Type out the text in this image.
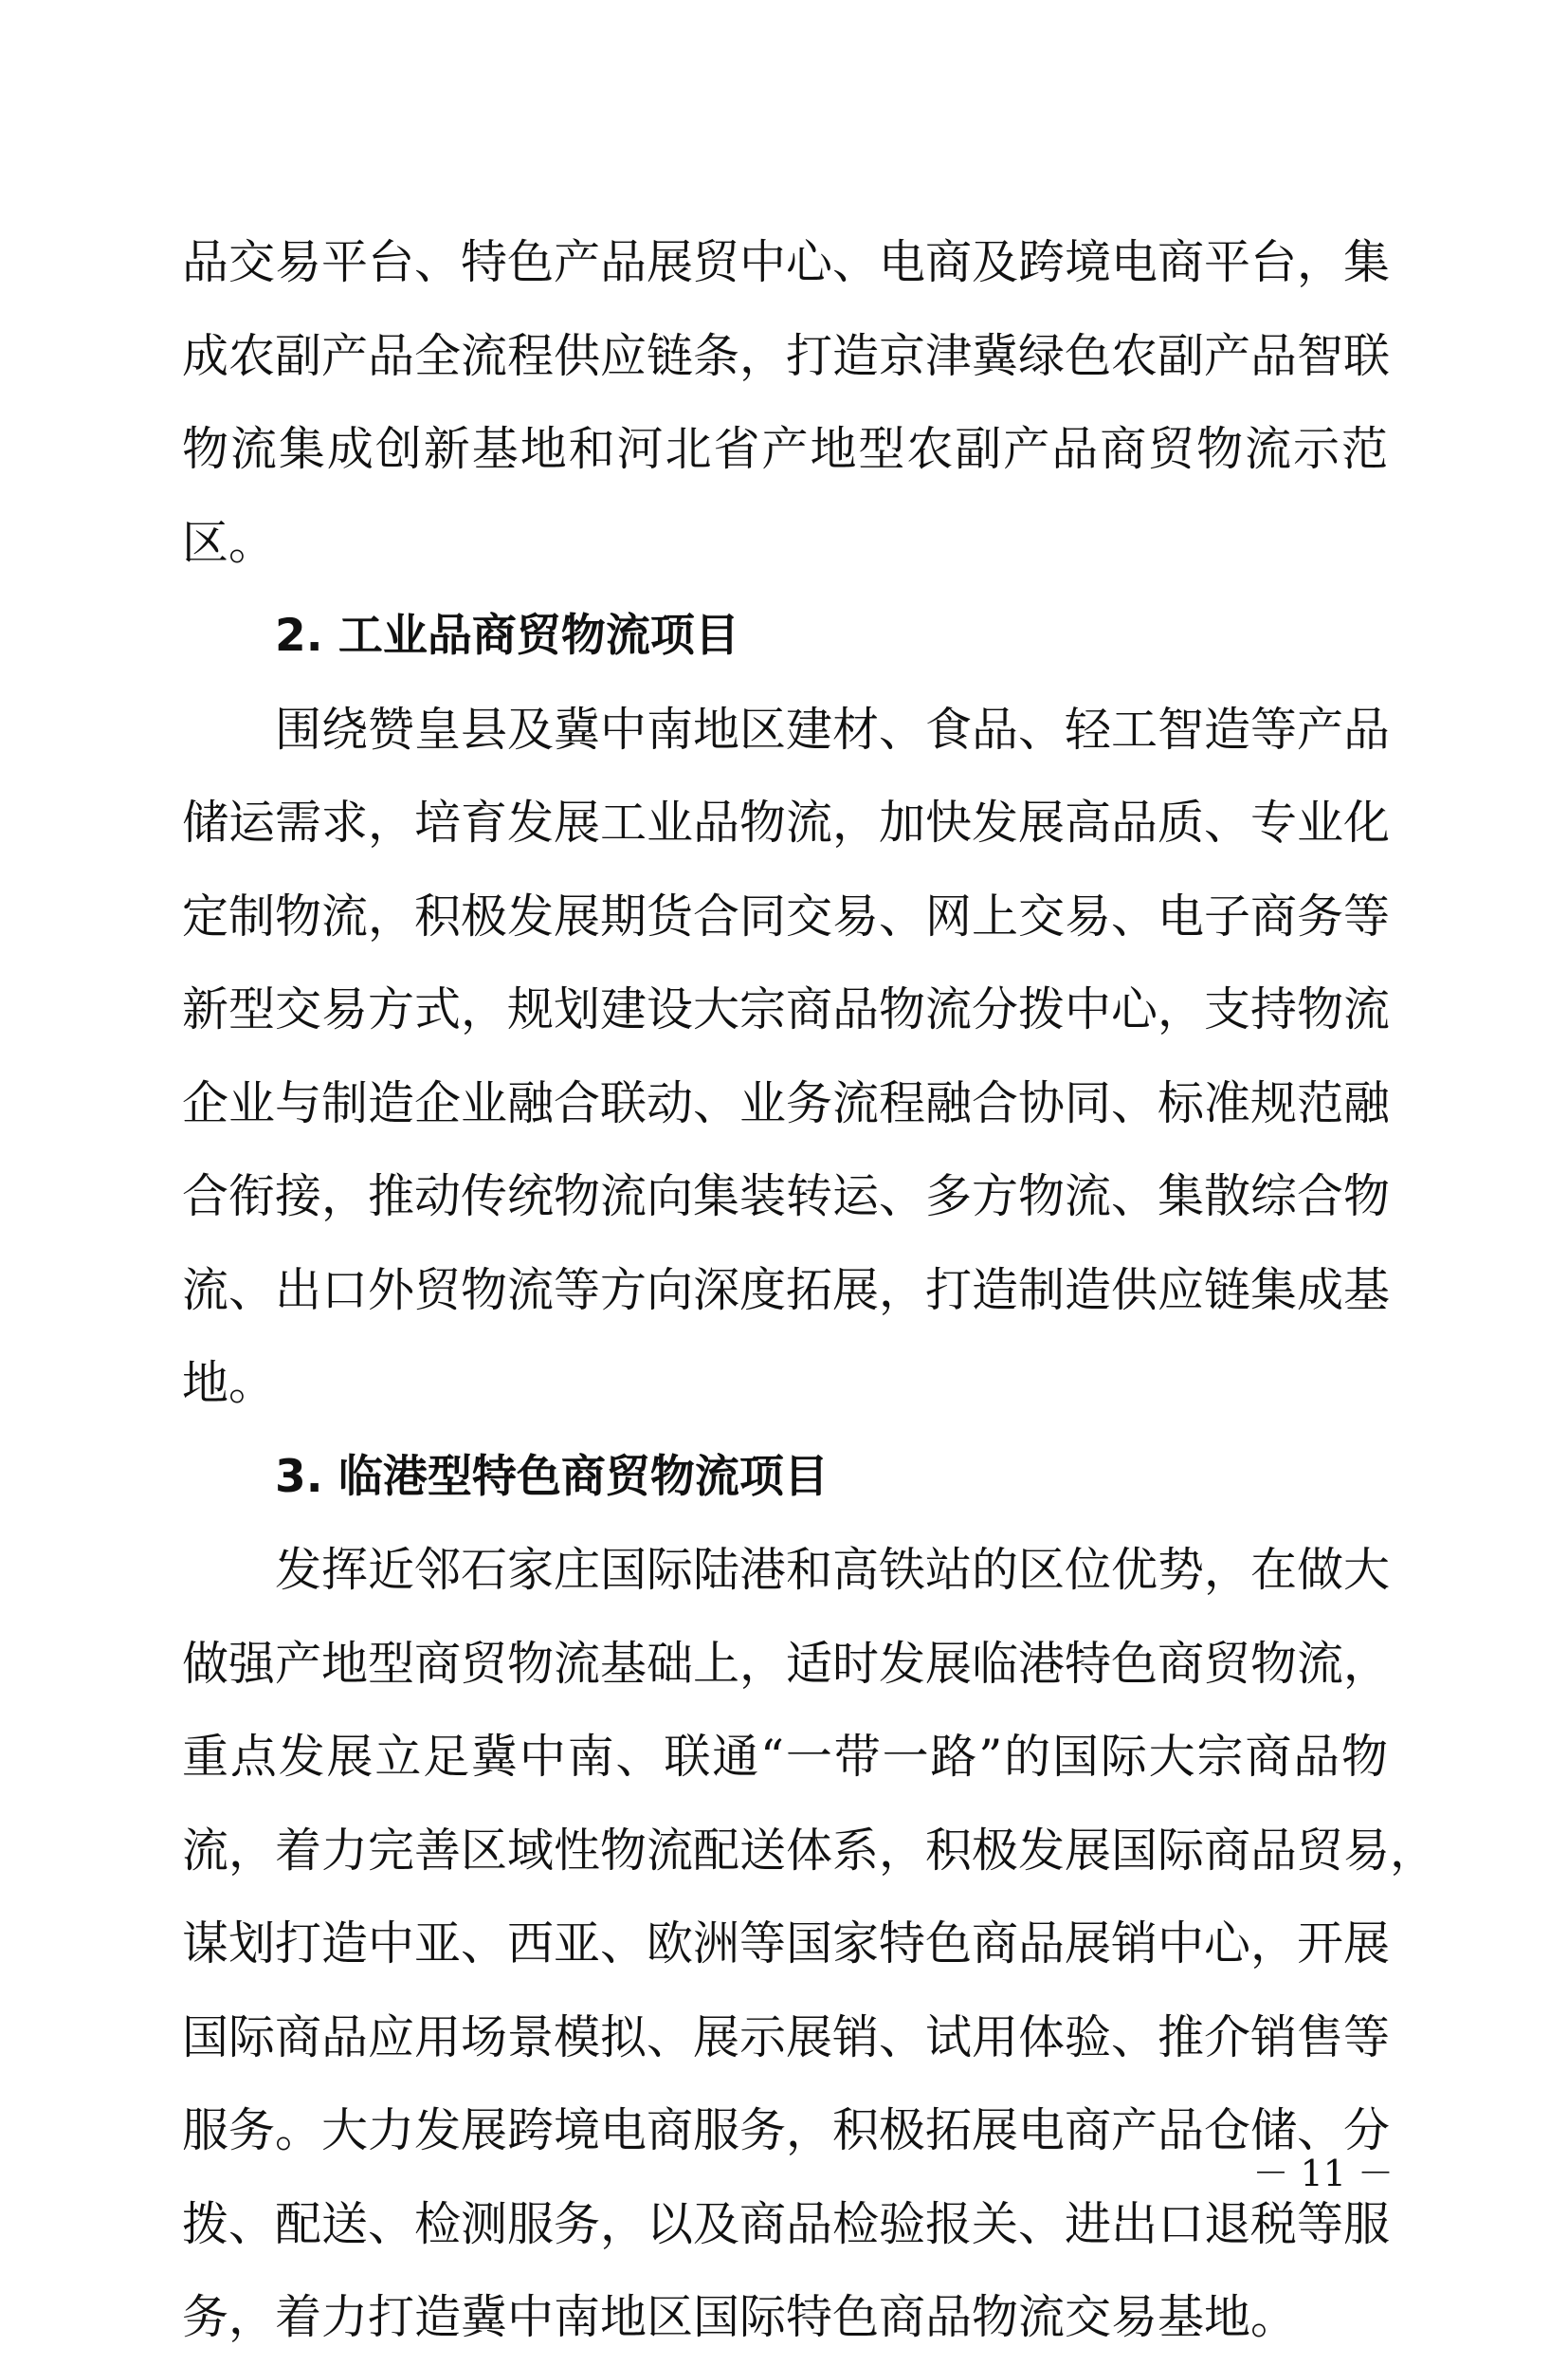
品交易平台、特色产品展贸中心、电商及跨境电商平台，集
成农副产品全流程供应链条，打造京津冀绿色农副产品智联
物流集成创新基地和河北省产地型农副产品商贸物流示范
区。
2. 工业品商贸物流项目
围绕赞皇县及冀中南地区建材、食品、轻工智造等产品
储运需求，培育发展工业品物流，加快发展高品质、专业化
定制物流，积极发展期货合同交易、网上交易、电子商务等
新型交易方式，规划建设大宗商品物流分拨中心，支持物流
企业与制造企业融合联动、业务流程融合协同、标准规范融
合衔接，推动传统物流向集装转运、多方物流、集散综合物
流、出口外贸物流等方向深度拓展，打造制造供应链集成基
地。
3. 临港型特色商贸物流项目
发挥近邻石家庄国际陆港和高铁站的区位优势，在做大
做强产地型商贸物流基础上，适时发展临港特色商贸物流，
重点发展立足冀中南、联通“一带一路”的国际大宗商品物
流，着力完善区域性物流配送体系，积极发展国际商品贸易，
谋划打造中亚、西亚、欧洲等国家特色商品展销中心，开展
国际商品应用场景模拟、展示展销、试用体验、推介销售等
服务。大力发展跨境电商服务，积极拓展电商产品仓储、分
拨、配送、检测服务，以及商品检验报关、进出口退税等服
务，着力打造冀中南地区国际特色商品物流交易基地。
－ 11 －
